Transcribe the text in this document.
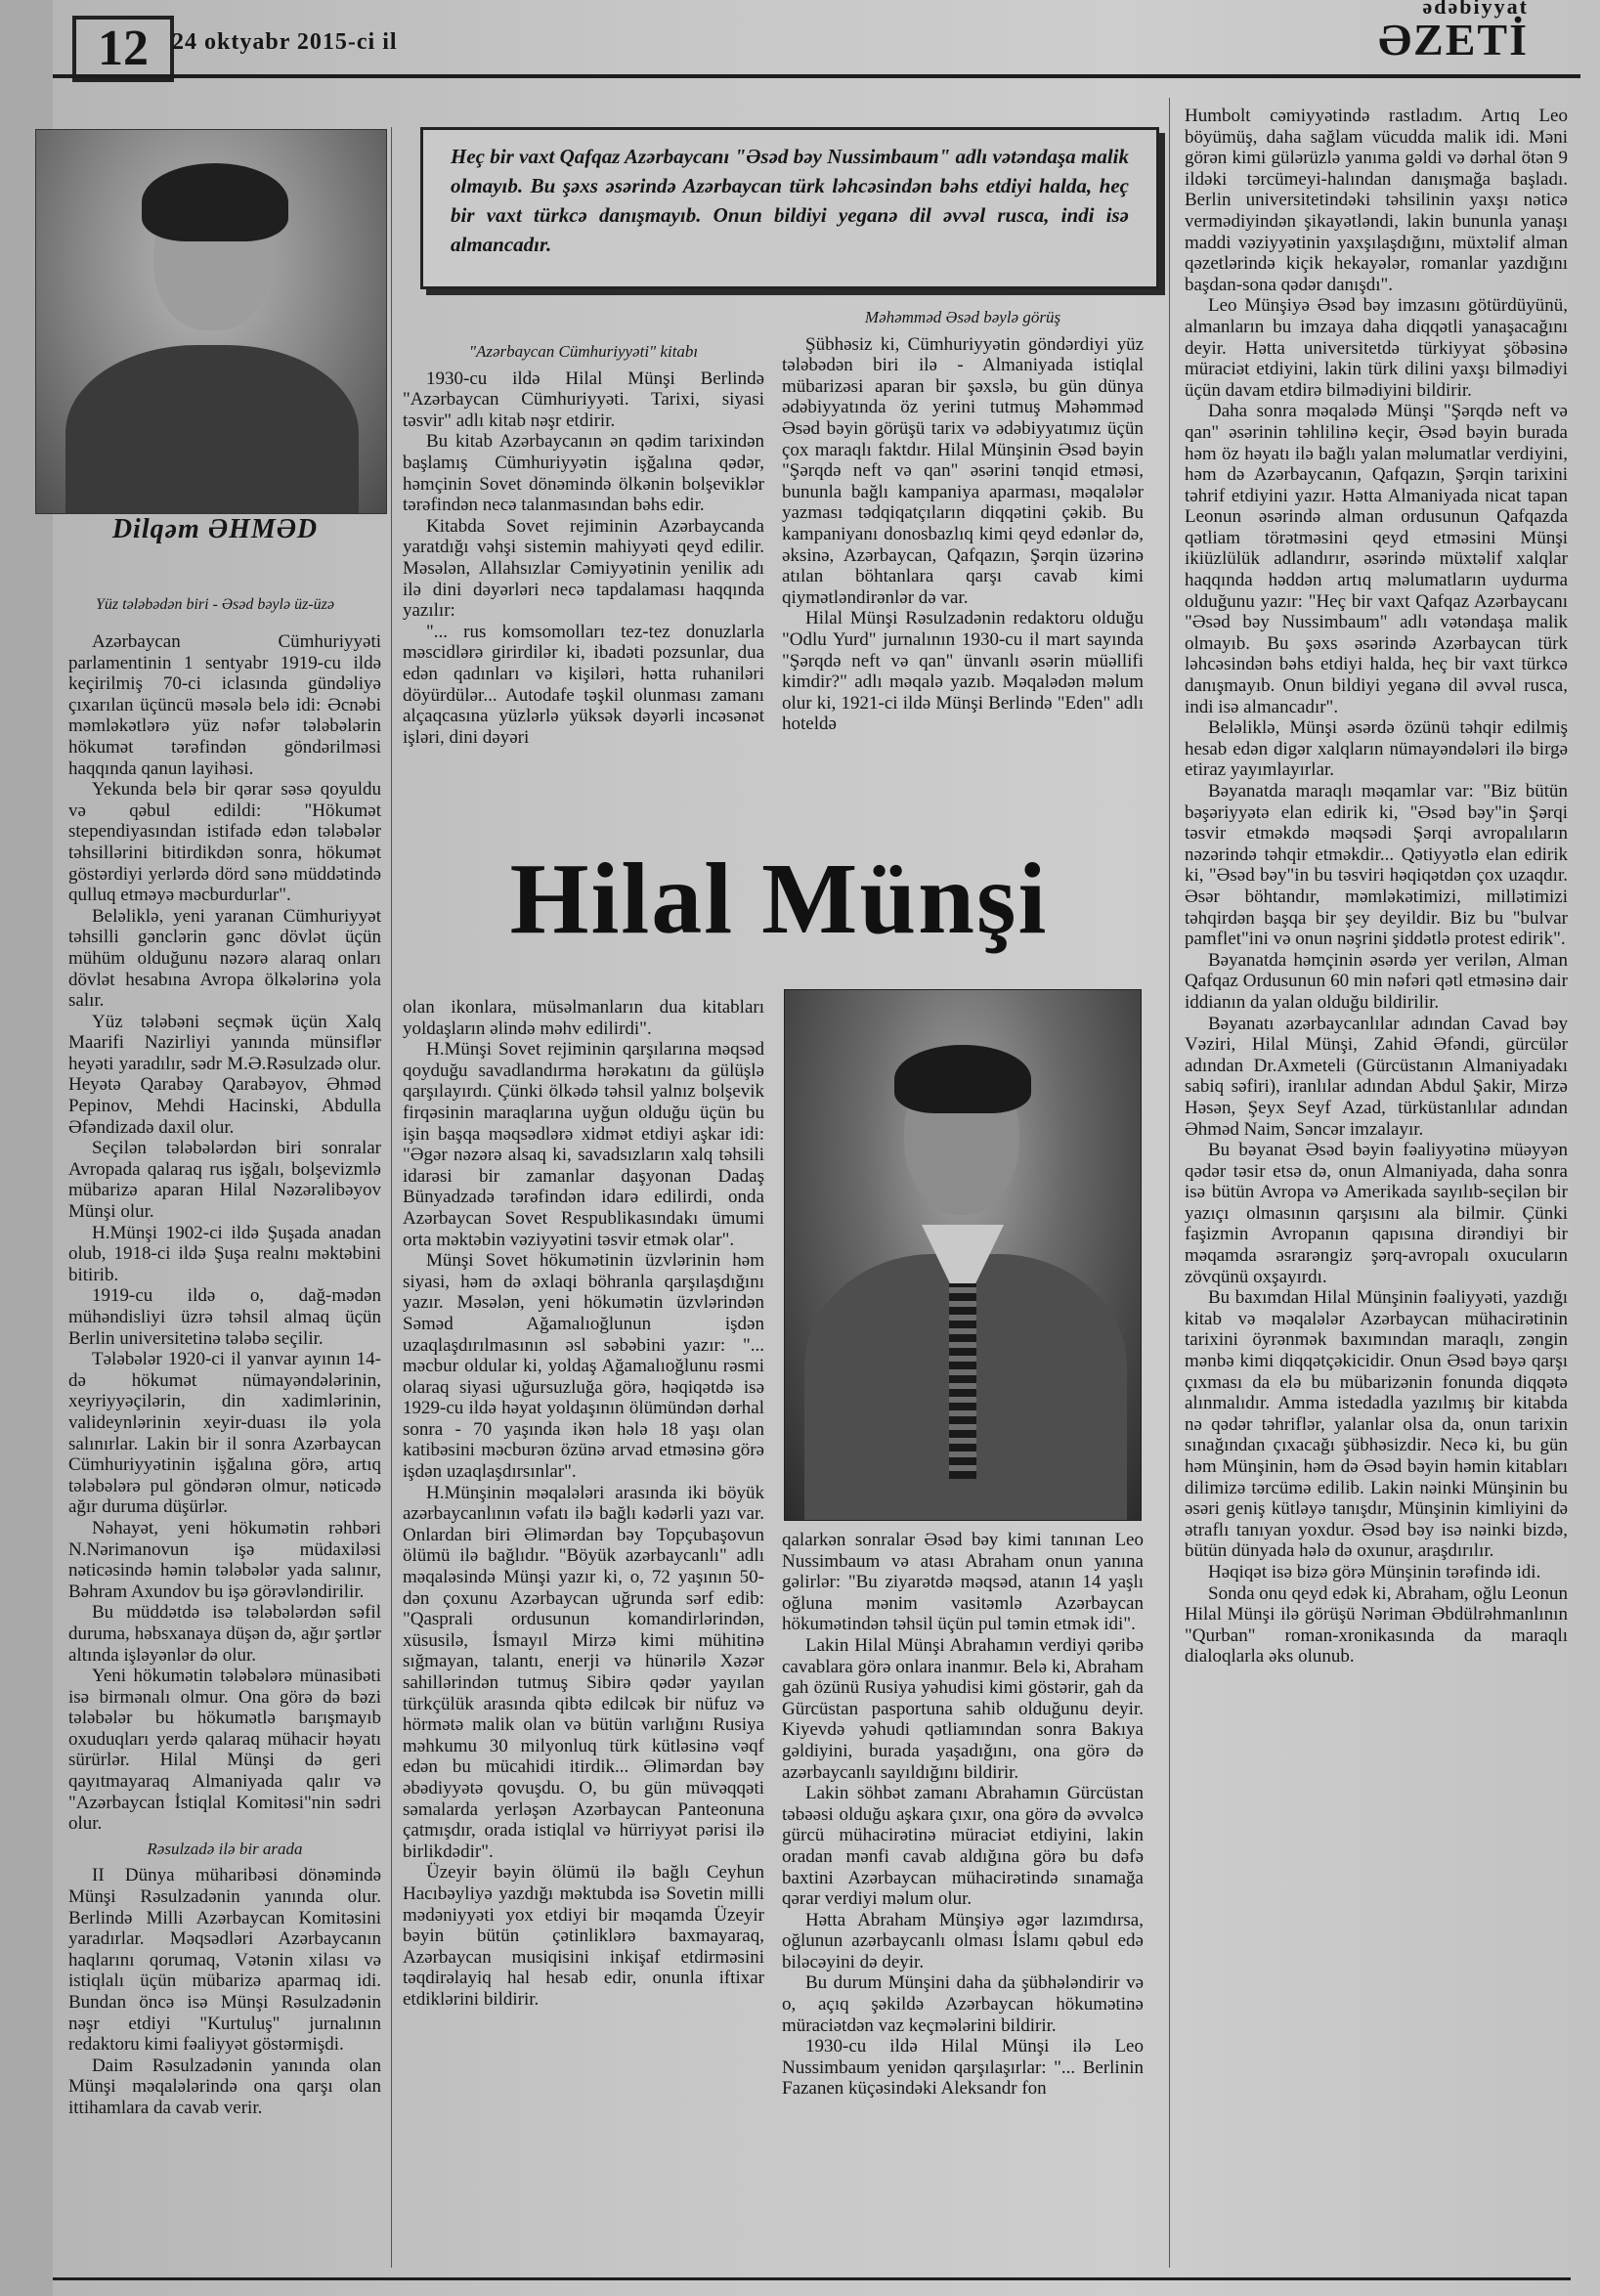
12	24 oktyabr 2015-ci il
ədəbiyyat
ƏZETİ
Dilqəm ƏHMƏD
Yüz tələbədən biri - Əsəd bəylə üz-üzə

Heç bir vaxt Qafqaz Azərbaycanı "Əsəd bəy Nussimbaum" adlı vətəndaşa malik olmayıb. Bu şəxs əsərində Azərbaycan türk ləhcəsindən bəhs etdiyi halda, heç bir vaxt türkcə danışmayıb. Onun bildiyi yeganə dil əvvəl rusca, indi isə almancadır.

Azərbaycan Cümhuriyyəti parlamentinin 1 sentyabr 1919-cu ildə keçirilmiş 70-ci iclasında gündəliyə çıxarılan üçüncü məsələ belə idi: Əcnəbi məmləkətlərə yüz nəfər tələbələrin hökumət tərəfindən göndərilməsi haqqında qanun layihəsi.

Yekunda belə bir qərar səsə qoyuldu və qəbul edildi: "Hökumət stependiyasından istifadə edən tələbələr təhsillərini bitirdikdən sonra, hökumət göstərdiyi yerlərdə dörd sənə müddətində qulluq etməyə məcburdurlar".

Beləliklə, yeni yaranan Cümhuriyyət təhsilli gənclərin gənc dövlət üçün mühüm olduğunu nəzərə alaraq onları dövlət hesabına Avropa ölkələrinə yola salır.

Yüz tələbəni seçmək üçün Xalq Maarifi Nazirliyi yanında münsiflər heyəti yaradılır, sədr M.Ə.Rəsulzadə olur. Heyətə Qarabəy Qarabəyov, Əhməd Pepinov, Mehdi Hacinski, Abdulla Əfəndizadə daxil olur.

Seçilən tələbələrdən biri sonralar Avropada qalaraq rus işğalı, bolşevizmlə mübarizə aparan Hilal Nəzərəlibəyov Münşi olur.

H.Münşi 1902-ci ildə Şuşada anadan olub, 1918-ci ildə Şuşa realnı məktəbini bitirib.

1919-cu ildə o, dağ-mədən mühəndisliyi üzrə təhsil almaq üçün Berlin universitetinə tələbə seçilir.

Tələbələr 1920-ci il yanvar ayının 14-də hökumət nümayəndələrinin, xeyriyyəçilərin, din xadimlərinin, valideynlərinin xeyir-duası ilə yola salınırlar. Lakin bir il sonra Azərbaycan Cümhuriyyətinin işğalına görə, artıq tələbələrə pul göndərən olmur, nəticədə ağır duruma düşürlər.

Nəhayət, yeni hökumətin rəhbəri N.Nərimanovun işə müdaxiləsi nəticəsində həmin tələbələr yada salınır, Bəhram Axundov bu işə görəvləndirilir.

Bu müddətdə isə tələbələrdən səfil duruma, həbsxanaya düşən də, ağır şərtlər altında işləyənlər də olur.

Yeni hökumətin tələbələrə münasibəti isə birmənalı olmur. Ona görə də bəzi tələbələr bu hökumətlə barışmayıb oxuduqları yerdə qalaraq mühacir həyatı sürürlər. Hilal Münşi də geri qayıtmayaraq Almaniyada qalır və "Azərbaycan İstiqlal Komitəsi"nin sədri olur.

Rəsulzadə ilə bir arada

II Dünya müharibəsi dönəmində Münşi Rəsulzadənin yanında olur. Berlində Milli Azərbaycan Komitəsini yaradırlar. Məqsədləri Azərbaycanın haqlarını qorumaq, Vətənin xilası və istiqlalı üçün mübarizə aparmaq idi. Bundan öncə isə Münşi Rəsulzadənin nəşr etdiyi "Kurtuluş" jurnalının redaktoru kimi fəaliyyət göstərmişdi.

Daim Rəsulzadənin yanında olan Münşi məqalələrində ona qarşı olan ittihamlara da cavab verir.

"Azərbaycan Cümhuriyyəti" kitabı

1930-cu ildə Hilal Münşi Berlində "Azərbaycan Cümhuriyyəti. Tarixi, siyasi təsvir" adlı kitab nəşr etdirir.

Bu kitab Azərbaycanın ən qədim tarixindən başlamış Cümhuriyyətin işğalına qədər, həmçinin Sovet dönəmində ölkənin bolşeviklər tərəfindən necə talanmasından bəhs edir.

Kitabda Sovet rejiminin Azərbaycanda yaratdığı vəhşi sistemin mahiyyəti qeyd edilir. Məsələn, Allahsızlar Cəmiyyətinin yeniliк adı ilə dini dəyərləri necə tapdalaması haqqında yazılır:

"... rus komsomolları tez-tez donuzlarla məscidlərə girirdilər ki, ibadəti pozsunlar, dua edən qadınları və kişiləri, hətta ruhaniləri döyürdülər... Autodafe təşkil olunması zamanı alçaqcasına yüzlərlə yüksək dəyərli incəsənət işləri, dini dəyəri

Məhəmməd Əsəd bəylə görüş

Şübhəsiz ki, Cümhuriyyətin göndərdiyi yüz tələbədən biri ilə - Almaniyada istiqlal mübarizəsi aparan bir şəxslə, bu gün dünya ədəbiyyatında öz yerini tutmuş Məhəmməd Əsəd bəyin görüşü tarix və ədəbiyyatımız üçün çox maraqlı faktdır. Hilal Münşinin Əsəd bəyin "Şərqdə neft və qan" əsərini tənqid etməsi, bununla bağlı kampaniya aparması, məqalələr yazması tədqiqatçıların diqqətini çəkib. Bu kampaniyanı donosbazlıq kimi qeyd edənlər də, əksinə, Azərbaycan, Qafqazın, Şərqin üzərinə atılan böhtanlara qarşı cavab kimi qiymətləndirənlər də var.

Hilal Münşi Rəsulzadənin redaktoru olduğu "Odlu Yurd" jurnalının 1930-cu il mart sayında "Şərqdə neft və qan" ünvanlı əsərin müəllifi kimdir?" adlı məqalə yazıb. Məqalədən məlum olur ki, 1921-ci ildə Münşi Berlində "Eden" adlı hoteldə

Hilal Münşi

olan ikonlara, müsəlmanların dua kitabları yoldaşların əlində məhv edilirdi".

H.Münşi Sovet rejiminin qarşılarına məqsəd qoyduğu savadlandırma hərəkatını da gülüşlə qarşılayırdı. Çünki ölkədə təhsil yalnız bolşevik firqəsinin maraqlarına uyğun olduğu üçün bu işin başqa məqsədlərə xidmət etdiyi aşkar idi: "Əgər nəzərə alsaq ki, savadsızların xalq təhsili idarəsi bir zamanlar daşyonan Dadaş Bünyadzadə tərəfindən idarə edilirdi, onda Azərbaycan Sovet Respublikasındakı ümumi orta məktəbin vəziyyətini təsvir etmək olar".

Münşi Sovet hökumətinin üzvlərinin həm siyasi, həm də əxlaqi böhranla qarşılaşdığını yazır. Məsələn, yeni hökumətin üzvlərindən Səməd Ağamalıoğlunun işdən uzaqlaşdırılmasının əsl səbəbini yazır: "... məcbur oldular ki, yoldaş Ağamalıoğlunu rəsmi olaraq siyasi uğursuzluğa görə, həqiqətdə isə 1929-cu ildə həyat yoldaşının ölümündən dərhal sonra - 70 yaşında ikən hələ 18 yaşı olan katibəsini məcburən özünə arvad etməsinə görə işdən uzaqlaşdırsınlar".

H.Münşinin məqalələri arasında iki böyük azərbaycanlının vəfatı ilə bağlı kədərli yazı var. Onlardan biri Əlimərdan bəy Topçubaşovun ölümü ilə bağlıdır. "Böyük azərbaycanlı" adlı məqaləsində Münşi yazır ki, o, 72 yaşının 50-dən çoxunu Azərbaycan uğrunda sərf edib: "Qasprali ordusunun komandirlərindən, xüsusilə, İsmayıl Mirzə kimi mühitinə sığmayan, talantı, enerji və hünərilə Xəzər sahillərindən tutmuş Sibirə qədər yayılan türkçülük arasında qibtə edilcək bir nüfuz və hörmətə malik olan və bütün varlığını Rusiya məhkumu 30 milyonluq türk kütləsinə vəqf edən bu mücahidi itirdik... Əlimərdan bəy əbədiyyətə qovuşdu. O, bu gün müvəqqəti səmalarda yerləşən Azərbaycan Panteonuna çatmışdır, orada istiqlal və hürriyyət pərisi ilə birlikdədir".

Üzeyir bəyin ölümü ilə bağlı Ceyhun Hacıbəyliyə yazdığı məktubda isə Sovetin milli mədəniyyəti yox etdiyi bir məqamda Üzeyir bəyin bütün çətinliklərə baxmayaraq, Azərbaycan musiqisini inkişaf etdirməsini təqdirəlayiq hal hesab edir, onunla iftixar etdiklərini bildirir.

qalarkən sonralar Əsəd bəy kimi tanınan Leo Nussimbaum və atası Abraham onun yanına gəlirlər: "Bu ziyarətdə məqsəd, atanın 14 yaşlı oğluna mənim vasitəmlə Azərbaycan hökumətindən təhsil üçün pul təmin etmək idi".

Lakin Hilal Münşi Abrahamın verdiyi qəribə cavablara görə onlara inanmır. Belə ki, Abraham gah özünü Rusiya yəhudisi kimi göstərir, gah da Gürcüstan pasportuna sahib olduğunu deyir. Kiyevdə yəhudi qətliamından sonra Bakıya gəldiyini, burada yaşadığını, ona görə də azərbaycanlı sayıldığını bildirir.

Lakin söhbət zamanı Abrahamın Gürcüstan təbəəsi olduğu aşkara çıxır, ona görə də əvvəlcə gürcü mühacirətinə müraciət etdiyini, lakin oradan mənfi cavab aldığına görə bu dəfə baxtini Azərbaycan mühacirətində sınamağa qərar verdiyi məlum olur.

Hətta Abraham Münşiyə əgər lazımdırsa, oğlunun azərbaycanlı olması İslamı qəbul edə biləcəyini də deyir.

Bu durum Münşini daha da şübhələndirir və o, açıq şəkildə Azərbaycan hökumətinə müraciətdən vaz keçmələrini bildirir.

1930-cu ildə Hilal Münşi ilə Leo Nussimbaum yenidən qarşılaşırlar: "... Berlinin Fazanen küçəsindəki Aleksandr fon

Humbolt cəmiyyətində rastladım. Artıq Leo böyümüş, daha sağlam vücudda malik idi. Məni görən kimi gülərüzlə yanıma gəldi və dərhal ötən 9 ildəki tərcümeyi-halından danışmağa başladı. Berlin universitetindəki təhsilinin yaxşı nəticə vermədiyindən şikayətləndi, lakin bununla yanaşı maddi vəziyyətinin yaxşılaşdığını, müxtəlif alman qəzetlərində kiçik hekayələr, romanlar yazdığını başdan-sona qədər danışdı".

Leo Münşiyə Əsəd bəy imzasını götürdüyünü, almanların bu imzaya daha diqqətli yanaşacağını deyir. Hətta universitetdə türkiyyat şöbəsinə müraciət etdiyini, lakin türk dilini yaxşı bilmədiyi üçün davam etdirə bilmədiyini bildirir.

Daha sonra məqalədə Münşi "Şərqdə neft və qan" əsərinin təhlilinə keçir, Əsəd bəyin burada həm öz həyatı ilə bağlı yalan məlumatlar verdiyini, həm də Azərbaycanın, Qafqazın, Şərqin tarixini təhrif etdiyini yazır. Hətta Almaniyada nicat tapan Leonun əsərində alman ordusunun Qafqazda qətliam törətməsini qeyd etməsini Münşi ikiüzlülük adlandırır, əsərində müxtəlif xalqlar haqqında həddən artıq məlumatların uydurma olduğunu yazır: "Heç bir vaxt Qafqaz Azərbaycanı "Əsəd bəy Nussimbaum" adlı vətəndaşa malik olmayıb. Bu şəxs əsərində Azərbaycan türk ləhcəsindən bəhs etdiyi halda, heç bir vaxt türkcə danışmayıb. Onun bildiyi yeganə dil əvvəl rusca, indi isə almancadır".

Beləliklə, Münşi əsərdə özünü təhqir edilmiş hesab edən digər xalqların nümayəndələri ilə birgə etiraz yayımlayırlar.

Bəyanatda maraqlı məqamlar var: "Biz bütün bəşəriyyətə elan edirik ki, "Əsəd bəy"in Şərqi təsvir etməkdə məqsədi Şərqi avropalıların nəzərində təhqir etməkdir... Qətiyyətlə elan edirik ki, "Əsəd bəy"in bu təsviri həqiqətdən çox uzaqdır. Əsər böhtandır, məmləkətimizi, millətimizi təhqirdən başqa bir şey deyildir. Biz bu "bulvar pamflet"ini və onun nəşrini şiddətlə protest edirik".

Bəyanatda həmçinin əsərdə yer verilən, Alman Qafqaz Ordusunun 60 min nəfəri qətl etməsinə dair iddianın da yalan olduğu bildirilir.

Bəyanatı azərbaycanlılar adından Cavad bəy Vəziri, Hilal Münşi, Zahid Əfəndi, gürcülər adından Dr.Axmeteli (Gürcüstanın Almaniyadakı sabiq səfiri), iranlılar adından Abdul Şakir, Mirzə Həsən, Şeyx Seyf Azad, türküstanlılar adından Əhməd Naim, Səncər imzalayır.

Bu bəyanat Əsəd bəyin fəaliyyətinə müəyyən qədər təsir etsə də, onun Almaniyada, daha sonra isə bütün Avropa və Amerikada sayılıb-seçilən bir yazıçı olmasının qarşısını ala bilmir. Çünki faşizmin Avropanın qapısına dirəndiyi bir məqamda əsrarəngiz şərq-avropalı oxucuların zövqünü oxşayırdı.

Bu baxımdan Hilal Münşinin fəaliyyəti, yazdığı kitab və məqalələr Azərbaycan mühacirətinin tarixini öyrənmək baxımından maraqlı, zəngin mənbə kimi diqqətçəkicidir. Onun Əsəd bəyə qarşı çıxması da elə bu mübarizənin fonunda diqqətə alınmalıdır. Amma istedadla yazılmış bir kitabda nə qədər təhriflər, yalanlar olsa da, onun tarixin sınağından çıxacağı şübhəsizdir. Necə ki, bu gün həm Münşinin, həm də Əsəd bəyin həmin kitabları dilimizə tərcümə edilib. Lakin nəinki Münşinin bu əsəri geniş kütləyə tanışdır, Münşinin kimliyini də ətraflı tanıyan yoxdur. Əsəd bəy isə nəinki bizdə, bütün dünyada hələ də oxunur, araşdırılır.

Həqiqət isə bizə görə Münşinin tərəfində idi.

Sonda onu qeyd edək ki, Abraham, oğlu Leonun Hilal Münşi ilə görüşü Nəriman Əbdülrəhmanlının "Qurban" roman-xronikasında da maraqlı dialoqlarla əks olunub.
